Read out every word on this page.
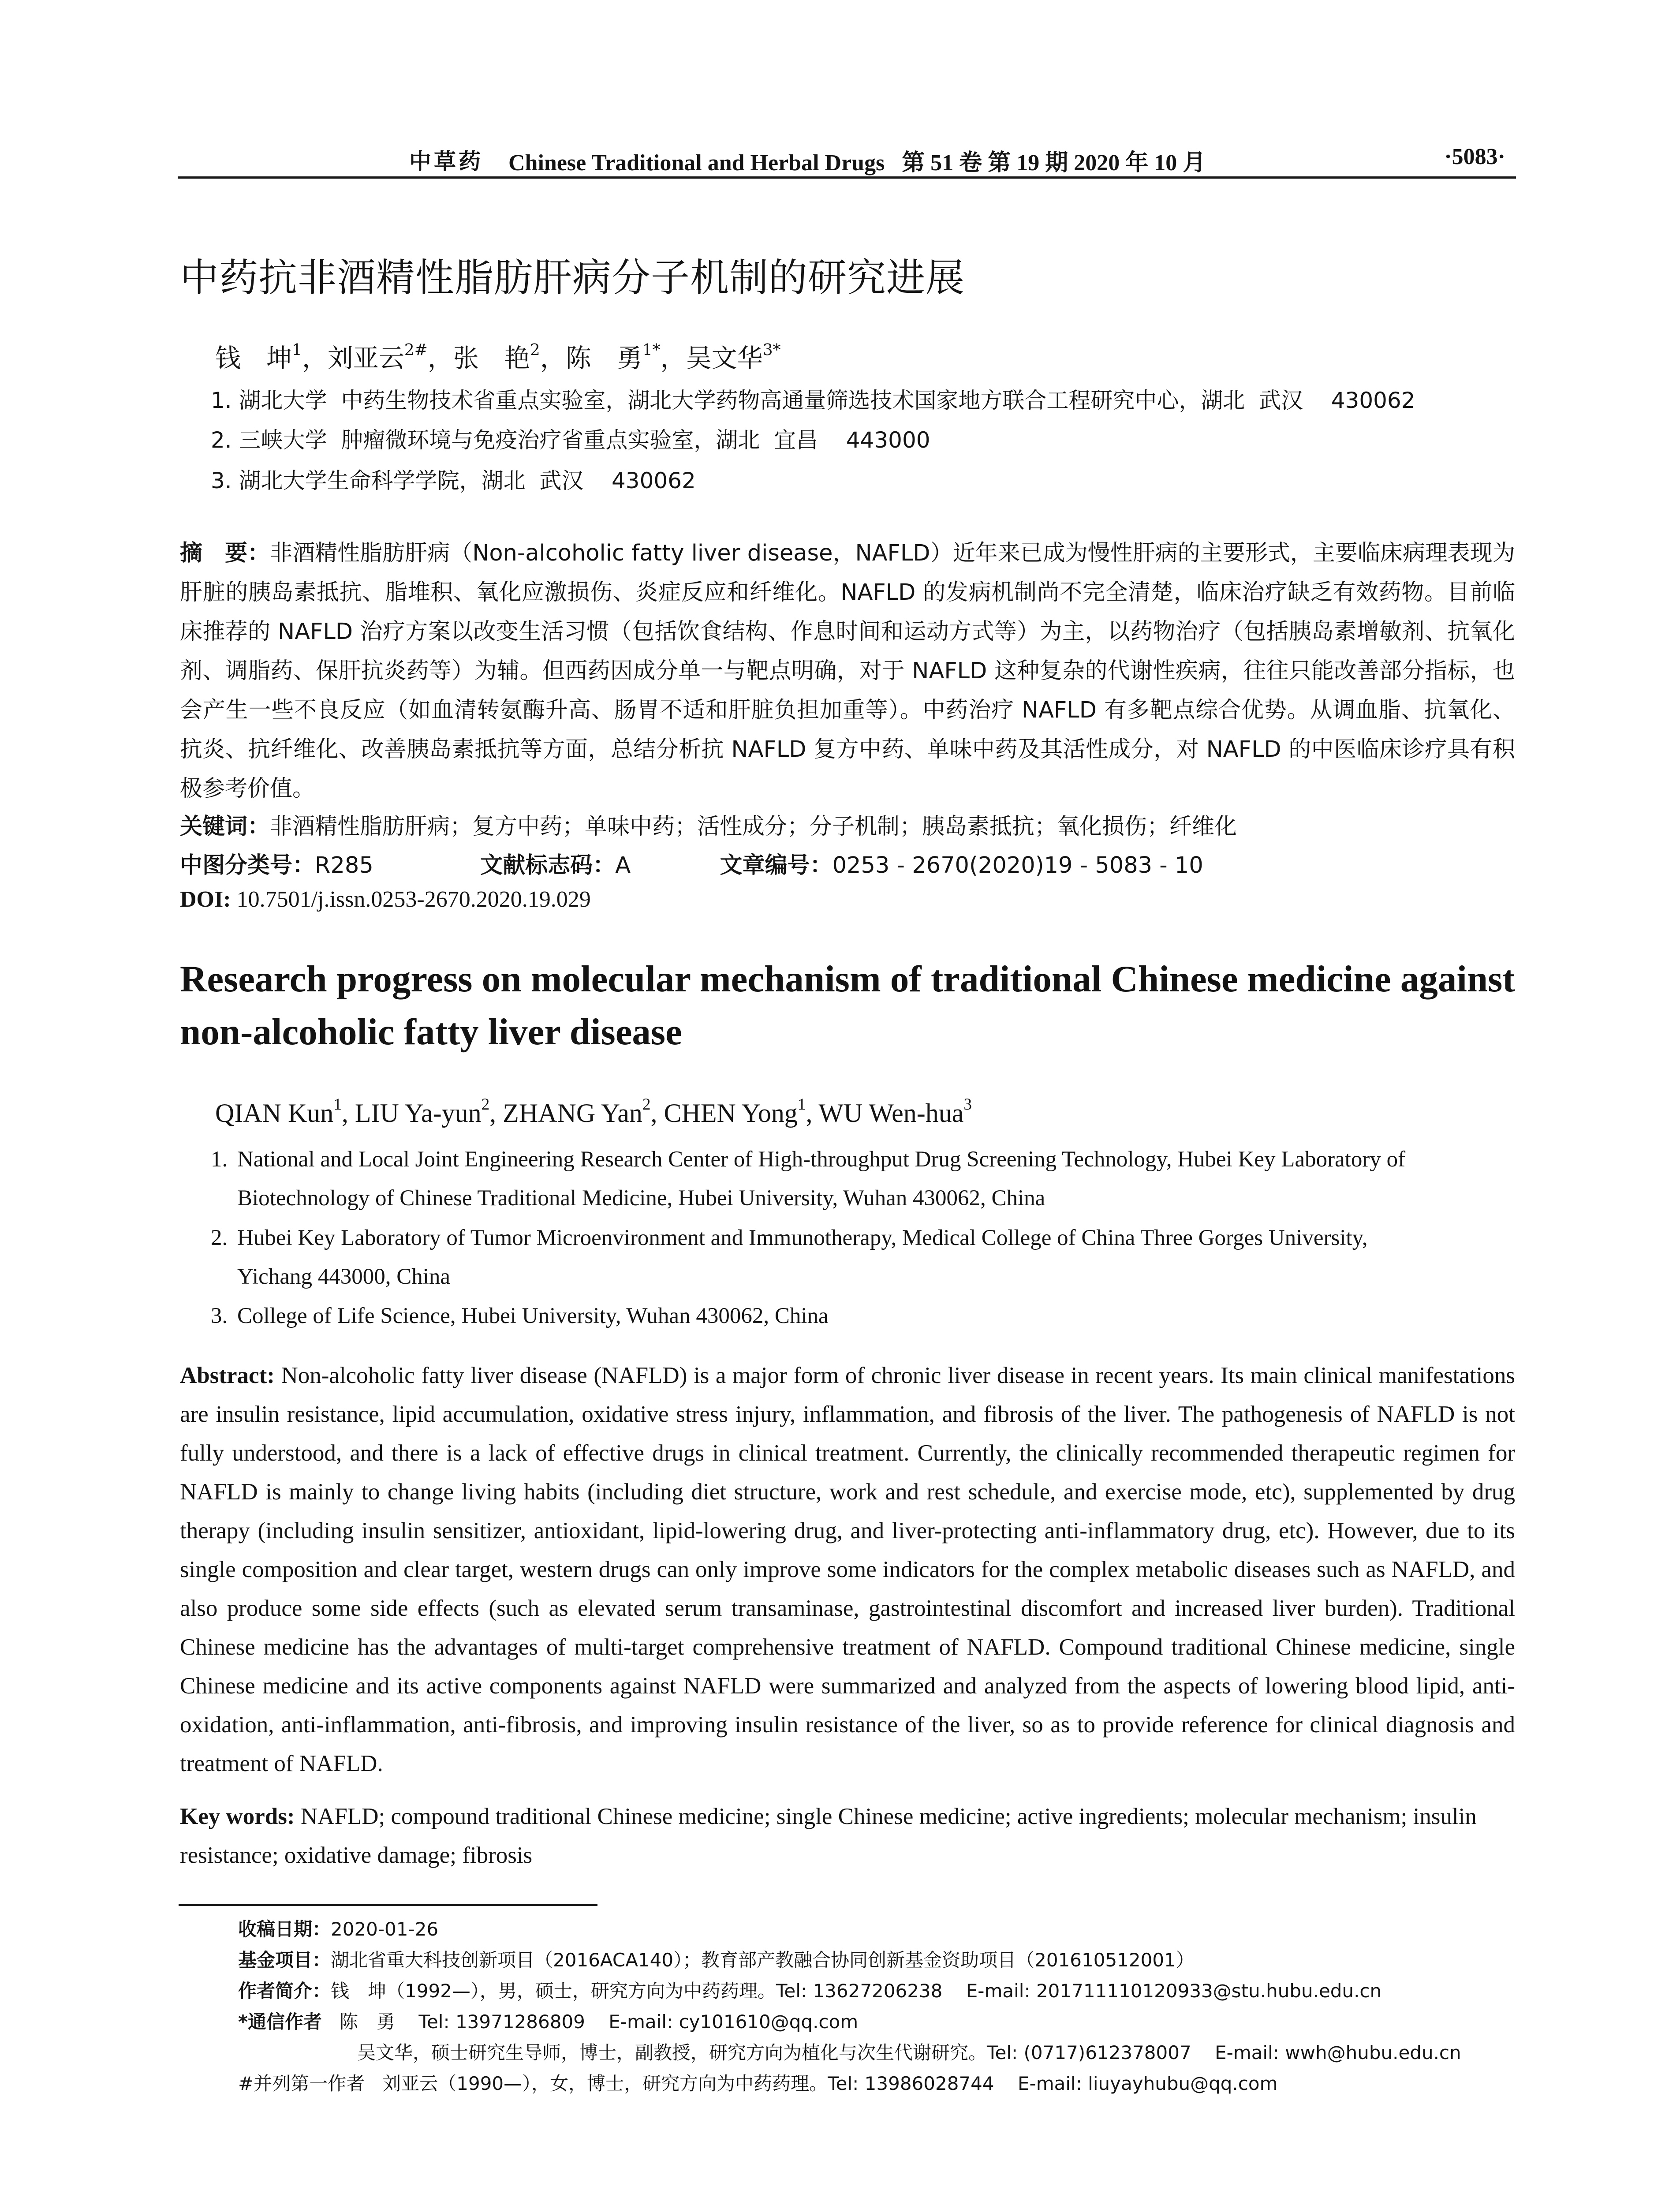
中草药 Chinese Traditional and Herbal Drugs   第 51 卷 第 19 期 2020 年 10 月	·5083·
中药抗非酒精性脂肪肝病分子机制的研究进展
钱　坤$^1$，刘亚云$^{2\#}$，张　艳$^2$，陈　勇$^{1*}$，吴文华$^{3*}$
1. 湖北大学  中药生物技术省重点实验室，湖北大学药物高通量筛选技术国家地方联合工程研究中心，湖北  武汉    430062
2. 三峡大学  肿瘤微环境与免疫治疗省重点实验室，湖北  宜昌    443000
3. 湖北大学生命科学学院，湖北  武汉    430062
摘　要：非酒精性脂肪肝病（Non-alcoholic fatty liver disease，NAFLD）近年来已成为慢性肝病的主要形式，主要临床病理表现为肝脏的胰岛素抵抗、脂堆积、氧化应激损伤、炎症反应和纤维化。NAFLD 的发病机制尚不完全清楚，临床治疗缺乏有效药物。目前临床推荐的 NAFLD 治疗方案以改变生活习惯（包括饮食结构、作息时间和运动方式等）为主，以药物治疗（包括胰岛素增敏剂、抗氧化剂、调脂药、保肝抗炎药等）为辅。但西药因成分单一与靶点明确，对于 NAFLD 这种复杂的代谢性疾病，往往只能改善部分指标，也会产生一些不良反应（如血清转氨酶升高、肠胃不适和肝脏负担加重等）。中药治疗 NAFLD 有多靶点综合优势。从调血脂、抗氧化、抗炎、抗纤维化、改善胰岛素抵抗等方面，总结分析抗 NAFLD 复方中药、单味中药及其活性成分，对 NAFLD 的中医临床诊疗具有积极参考价值。
关键词：非酒精性脂肪肝病；复方中药；单味中药；活性成分；分子机制；胰岛素抵抗；氧化损伤；纤维化
中图分类号：R285	文献标志码：A	文章编号：0253 - 2670(2020)19 - 5083 - 10
DOI: 10.7501/j.issn.0253-2670.2020.19.029
Research progress on molecular mechanism of traditional Chinese medicine against non-alcoholic fatty liver disease
QIAN Kun$^1$, LIU Ya-yun$^2$, ZHANG Yan$^2$, CHEN Yong$^1$, WU Wen-hua$^3$
1. National and Local Joint Engineering Research Center of High-throughput Drug Screening Technology, Hubei Key Laboratory of
Biotechnology of Chinese Traditional Medicine, Hubei University, Wuhan 430062, China
2. Hubei Key Laboratory of Tumor Microenvironment and Immunotherapy, Medical College of China Three Gorges University,
Yichang 443000, China
3. College of Life Science, Hubei University, Wuhan 430062, China
Abstract: Non-alcoholic fatty liver disease (NAFLD) is a major form of chronic liver disease in recent years. Its main clinical manifestations are insulin resistance, lipid accumulation, oxidative stress injury, inflammation, and fibrosis of the liver. The pathogenesis of NAFLD is not fully understood, and there is a lack of effective drugs in clinical treatment. Currently, the clinically recommended therapeutic regimen for NAFLD is mainly to change living habits (including diet structure, work and rest schedule, and exercise mode, etc), supplemented by drug therapy (including insulin sensitizer, antioxidant, lipid-lowering drug, and liver-protecting anti-inflammatory drug, etc). However, due to its single composition and clear target, western drugs can only improve some indicators for the complex metabolic diseases such as NAFLD, and also produce some side effects (such as elevated serum transaminase, gastrointestinal discomfort and increased liver burden). Traditional Chinese medicine has the advantages of multi-target comprehensive treatment of NAFLD. Compound traditional Chinese medicine, single Chinese medicine and its active components against NAFLD were summarized and analyzed from the aspects of lowering blood lipid, anti-oxidation, anti-inflammation, anti-fibrosis, and improving insulin resistance of the liver, so as to provide reference for clinical diagnosis and treatment of NAFLD.
Key words: NAFLD; compound traditional Chinese medicine; single Chinese medicine; active ingredients; molecular mechanism; insulin resistance; oxidative damage; fibrosis
收稿日期：2020-01-26
基金项目：湖北省重大科技创新项目（2016ACA140）；教育部产教融合协同创新基金资助项目（201610512001）
作者简介：钱　坤（1992—），男，硕士，研究方向为中药药理。Tel: 13627206238    E-mail: 201711110120933@stu.hubu.edu.cn
*通信作者   陈　勇    Tel: 13971286809    E-mail: cy101610@qq.com
吴文华，硕士研究生导师，博士，副教授，研究方向为植化与次生代谢研究。Tel: (0717)612378007    E-mail: wwh@hubu.edu.cn
#并列第一作者   刘亚云（1990—），女，博士，研究方向为中药药理。Tel: 13986028744    E-mail: liuyayhubu@qq.com
